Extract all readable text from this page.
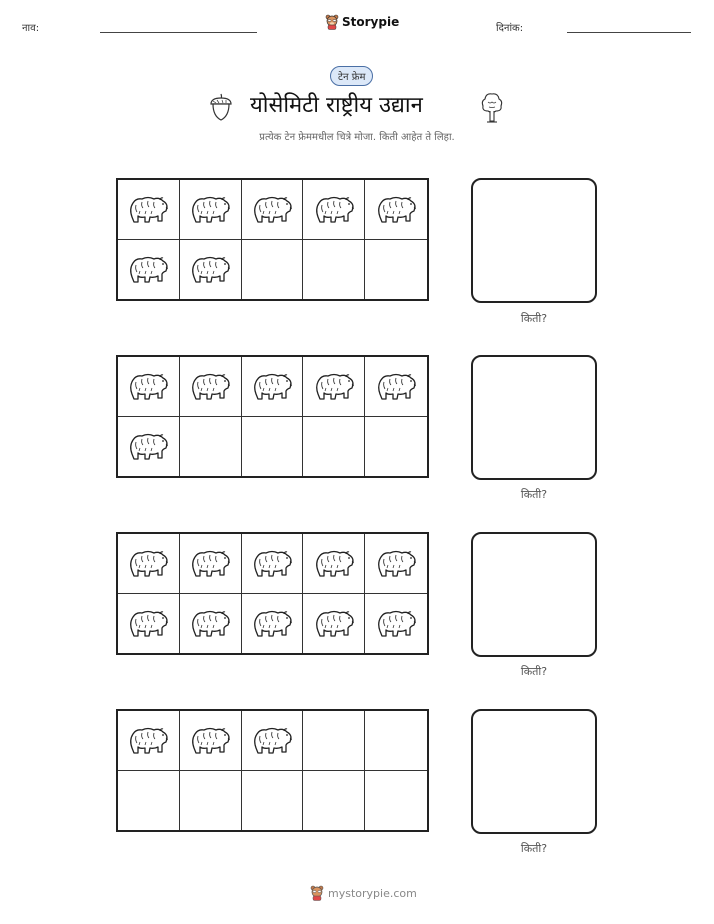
नाव:	Storypie	दिनांक:
टेन फ्रेम
योसेमिटी राष्ट्रीय उद्यान
प्रत्येक टेन फ्रेममधील चित्रे मोजा. किती आहेत ते लिहा.
किती?
किती?
किती?
किती?
mystorypie.com
